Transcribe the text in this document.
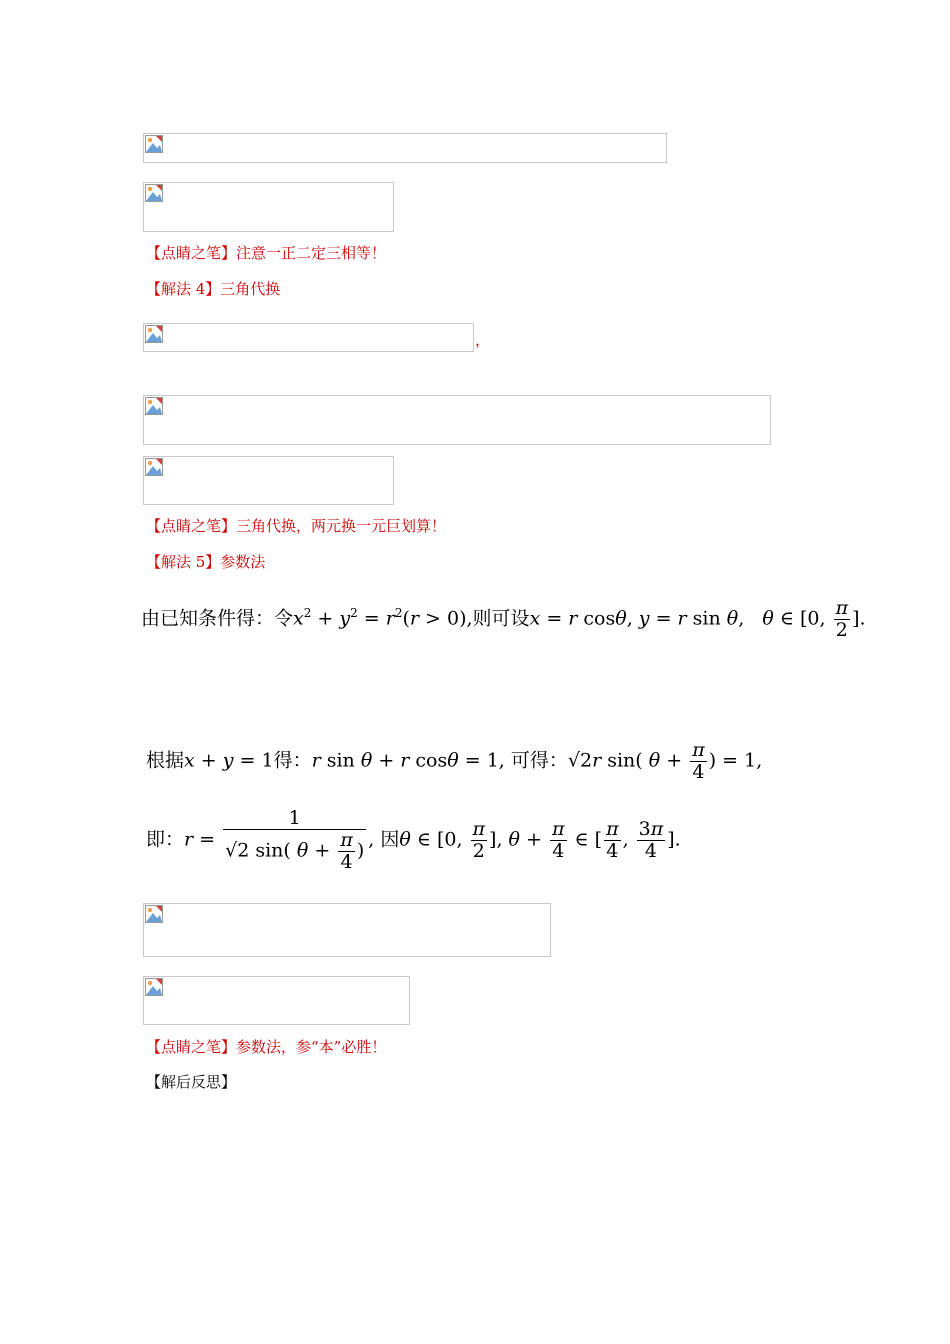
【点睛之笔】注意一正二定三相等！
【解法 4】三角代换
，
【点睛之笔】三角代换，两元换一元巨划算！
【解法 5】参数法
由已知条件得：令$x^2 + y^2 = r^2(r > 0)$,则可设x = r cosθ, y = r sin θ,   θ ∈ [0, $\frac{\pi}{2}$ ].
根据x + y = 1得：r sin θ + r cosθ = 1, 可得：√2r sin( $\theta + \frac{\pi}{4}$ ) = 1,
即：$r = \frac{1}{√2 \sin( \theta + \frac{\pi}{4} )}$ , 因θ ∈ [0, $\frac{\pi}{2}$ ], $\theta + \frac{\pi}{4}$ ∈ [ $\frac{\pi}{4}$ , $\frac{3\pi}{4}$ ].
【点睛之笔】参数法，参“本”必胜！
【解后反思】
